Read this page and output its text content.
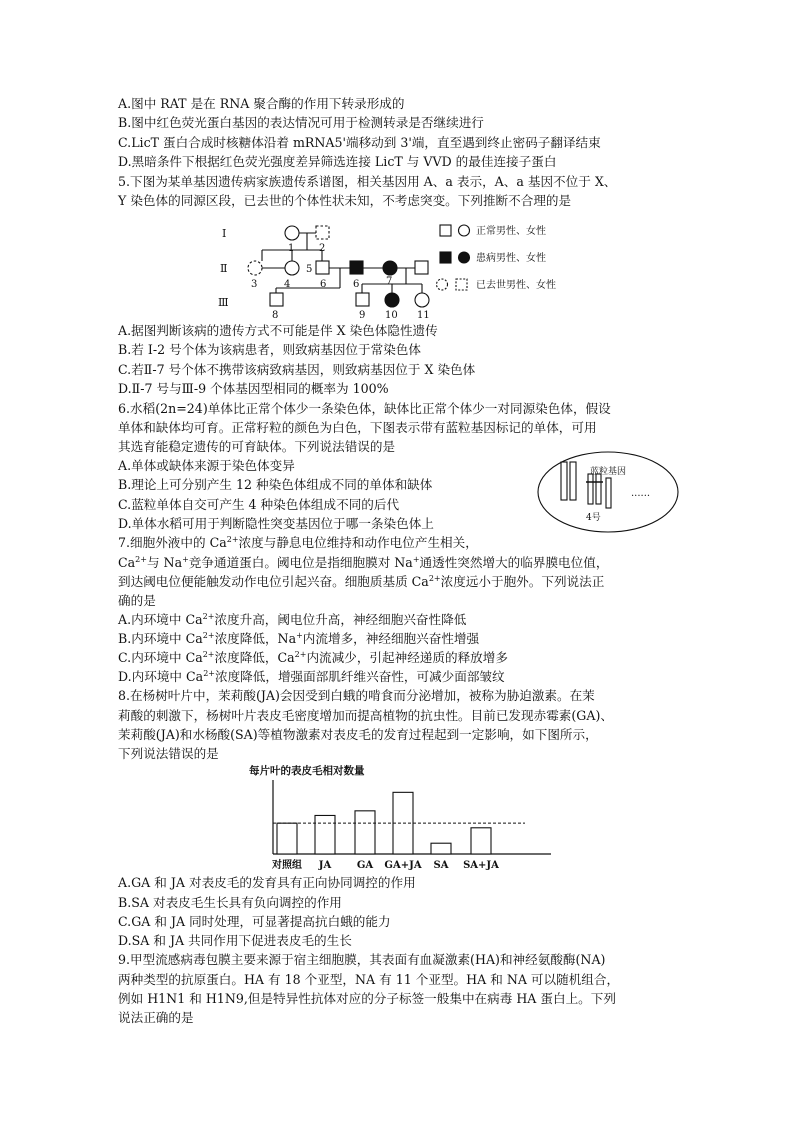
A.图中 RAT 是在 RNA 聚合酶的作用下转录形成的
B.图中红色荧光蛋白基因的表达情况可用于检测转录是否继续进行
C.LicT 蛋白合成时核糖体沿着 mRNA5'端移动到 3'端，直至遇到终止密码子翻译结束
D.黑暗条件下根据红色荧光强度差异筛选连接 LicT 与 VVD 的最佳连接子蛋白
5.下图为某单基因遗传病家族遗传系谱图，相关基因用 A、a 表示，A、a 基因不位于 X、
Y 染色体的同源区段，已去世的个体性状未知，不考虑突变。下列推断不合理的是
Ⅰ
Ⅱ
Ⅲ
1 2
3	4
5
6	6	7
8	9 10 11
正常男性、女性
患病男性、女性
已去世男性、女性
A.据图判断该病的遗传方式不可能是伴 X 染色体隐性遗传
B.若 I-2 号个体为该病患者，则致病基因位于常染色体
C.若Ⅱ-7 号个体不携带该病致病基因，则致病基因位于 X 染色体
D.Ⅱ-7 号与Ⅲ-9 个体基因型相同的概率为 100%
6.水稻(2n=24)单体比正常个体少一条染色体，缺体比正常个体少一对同源染色体，假设
单体和缺体均可育。正常籽粒的颜色为白色，下图表示带有蓝粒基因标记的单体，可用
其选育能稳定遗传的可育缺体。下列说法错误的是
A.单体或缺体来源于染色体变异
B.理论上可分别产生 12 种染色体组成不同的单体和缺体
C.蓝粒单体自交可产生 4 种染色体组成不同的后代
D.单体水稻可用于判断隐性突变基因位于哪一条染色体上
蓝粒基因
4号
......
7.细胞外液中的 $Ca^{2+}$浓度与静息电位维持和动作电位产生相关，
$Ca^{2+}$与 Na+竞争通道蛋白。阈电位是指细胞膜对 Na+通透性突然增大的临界膜电位值，
到达阈电位便能触发动作电位引起兴奋。细胞质基质 $Ca^{2+}$浓度远小于胞外。下列说法正
确的是
A.内环境中 $Ca^{2+}$浓度升高，阈电位升高，神经细胞兴奋性降低
B.内环境中 $Ca^{2+}$浓度降低，Na+内流增多，神经细胞兴奋性增强
C.内环境中 $Ca^{2+}$浓度降低，$Ca^{2+}$内流减少，引起神经递质的释放增多
D.内环境中 $Ca^{2+}$浓度降低，增强面部肌纤维兴奋性，可减少面部皱纹
8.在杨树叶片中，茉莉酸(JA)会因受到白蛾的啃食而分泌增加，被称为胁迫激素。在茉
莉酸的刺激下，杨树叶片表皮毛密度增加而提高植物的抗虫性。目前已发现赤霉素(GA)、
茉莉酸(JA)和水杨酸(SA)等植物激素对表皮毛的发育过程起到一定影响，如下图所示，
下列说法错误的是
每片叶的表皮毛相对数量
对照组 JA	GA GA+JA SA SA+JA
A.GA 和 JA 对表皮毛的发育具有正向协同调控的作用
B.SA 对表皮毛生长具有负向调控的作用
C.GA 和 JA 同时处理，可显著提高抗白蛾的能力
D.SA 和 JA 共同作用下促进表皮毛的生长
9.甲型流感病毒包膜主要来源于宿主细胞膜，其表面有血凝激素(HA)和神经氨酸酶(NA)
两种类型的抗原蛋白。HA 有 18 个亚型，NA 有 11 个亚型。HA 和 NA 可以随机组合，
例如 H1N1 和 H1N9,但是特异性抗体对应的分子标签一般集中在病毒 HA 蛋白上。下列
说法正确的是
